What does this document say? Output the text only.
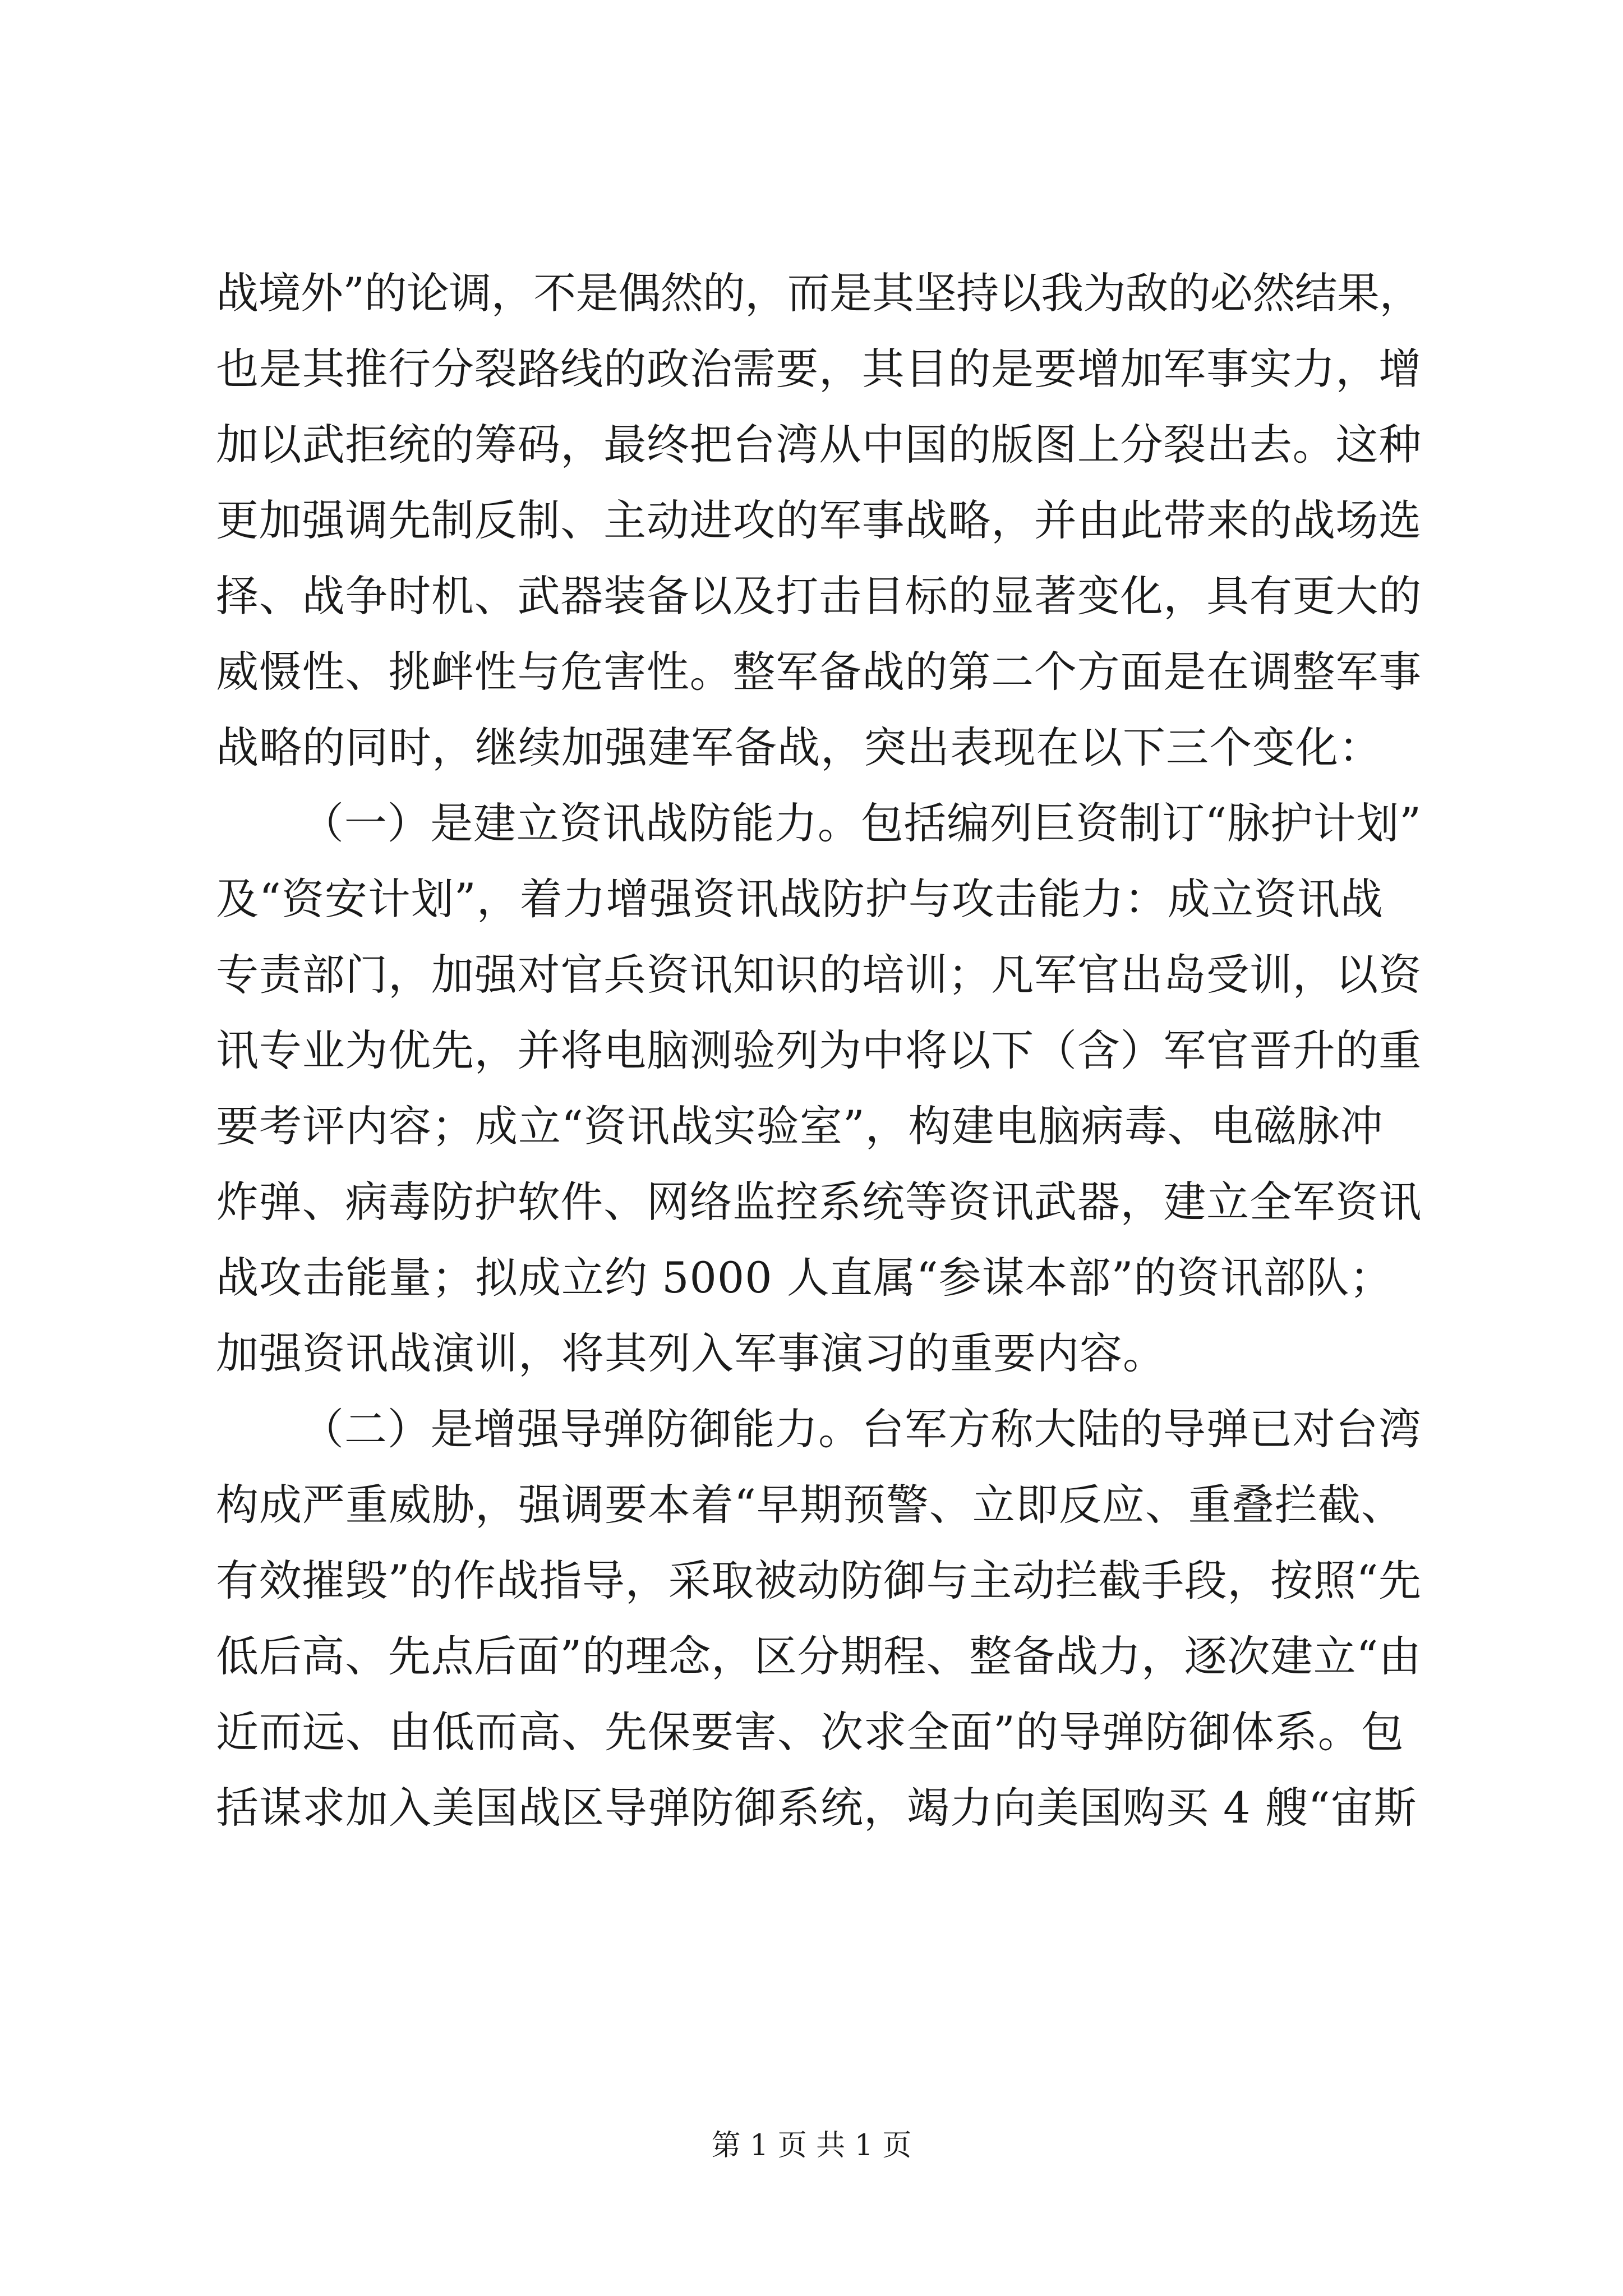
战境外”的论调，不是偶然的，而是其坚持以我为敌的必然结果，
也是其推行分裂路线的政治需要，其目的是要增加军事实力，增
加以武拒统的筹码，最终把台湾从中国的版图上分裂出去。这种
更加强调先制反制、主动进攻的军事战略，并由此带来的战场选
择、战争时机、武器装备以及打击目标的显著变化，具有更大的
威慑性、挑衅性与危害性。整军备战的第二个方面是在调整军事
战略的同时，继续加强建军备战，突出表现在以下三个变化：
（一）是建立资讯战防能力。包括编列巨资制订“脉护计划”
及“资安计划”，着力增强资讯战防护与攻击能力：成立资讯战
专责部门，加强对官兵资讯知识的培训；凡军官出岛受训，以资
讯专业为优先，并将电脑测验列为中将以下（含）军官晋升的重
要考评内容；成立“资讯战实验室”，构建电脑病毒、电磁脉冲
炸弹、病毒防护软件、网络监控系统等资讯武器，建立全军资讯
战攻击能量；拟成立约 5000 人直属“参谋本部”的资讯部队；
加强资讯战演训，将其列入军事演习的重要内容。
（二）是增强导弹防御能力。台军方称大陆的导弹已对台湾
构成严重威胁，强调要本着“早期预警、立即反应、重叠拦截、
有效摧毁”的作战指导，采取被动防御与主动拦截手段，按照“先
低后高、先点后面”的理念，区分期程、整备战力，逐次建立“由
近而远、由低而高、先保要害、次求全面”的导弹防御体系。包
括谋求加入美国战区导弹防御系统，竭力向美国购买 4 艘“宙斯
第 1 页 共 1 页
